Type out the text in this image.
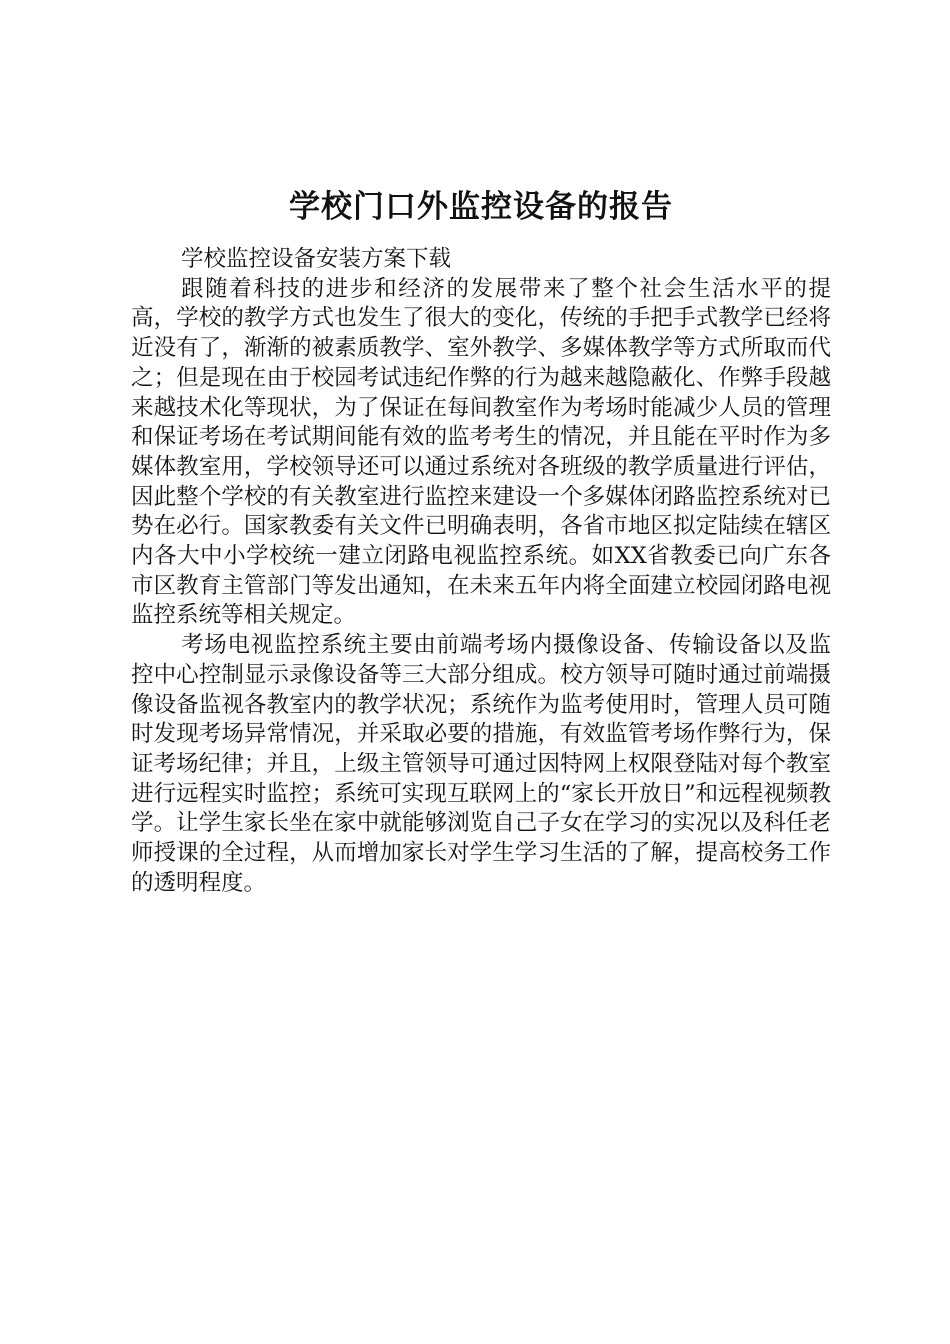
学校门口外监控设备的报告

学校监控设备安装方案下载

跟随着科技的进步和经济的发展带来了整个社会生活水平的提高，学校的教学方式也发生了很大的变化，传统的手把手式教学已经将近没有了，渐渐的被素质教学、室外教学、多媒体教学等方式所取而代之；但是现在由于校园考试违纪作弊的行为越来越隐蔽化、作弊手段越来越技术化等现状，为了保证在每间教室作为考场时能减少人员的管理和保证考场在考试期间能有效的监考考生的情况，并且能在平时作为多媒体教室用，学校领导还可以通过系统对各班级的教学质量进行评估，因此整个学校的有关教室进行监控来建设一个多媒体闭路监控系统对已势在必行。国家教委有关文件已明确表明，各省市地区拟定陆续在辖区内各大中小学校统一建立闭路电视监控系统。如XX省教委已向广东各市区教育主管部门等发出通知，在未来五年内将全面建立校园闭路电视监控系统等相关规定。

考场电视监控系统主要由前端考场内摄像设备、传输设备以及监控中心控制显示录像设备等三大部分组成。校方领导可随时通过前端摄像设备监视各教室内的教学状况；系统作为监考使用时，管理人员可随时发现考场异常情况，并采取必要的措施，有效监管考场作弊行为，保证考场纪律；并且，上级主管领导可通过因特网上权限登陆对每个教室进行远程实时监控；系统可实现互联网上的“家长开放日”和远程视频教学。让学生家长坐在家中就能够浏览自己子女在学习的实况以及科任老师授课的全过程，从而增加家长对学生学习生活的了解，提高校务工作的透明程度。
